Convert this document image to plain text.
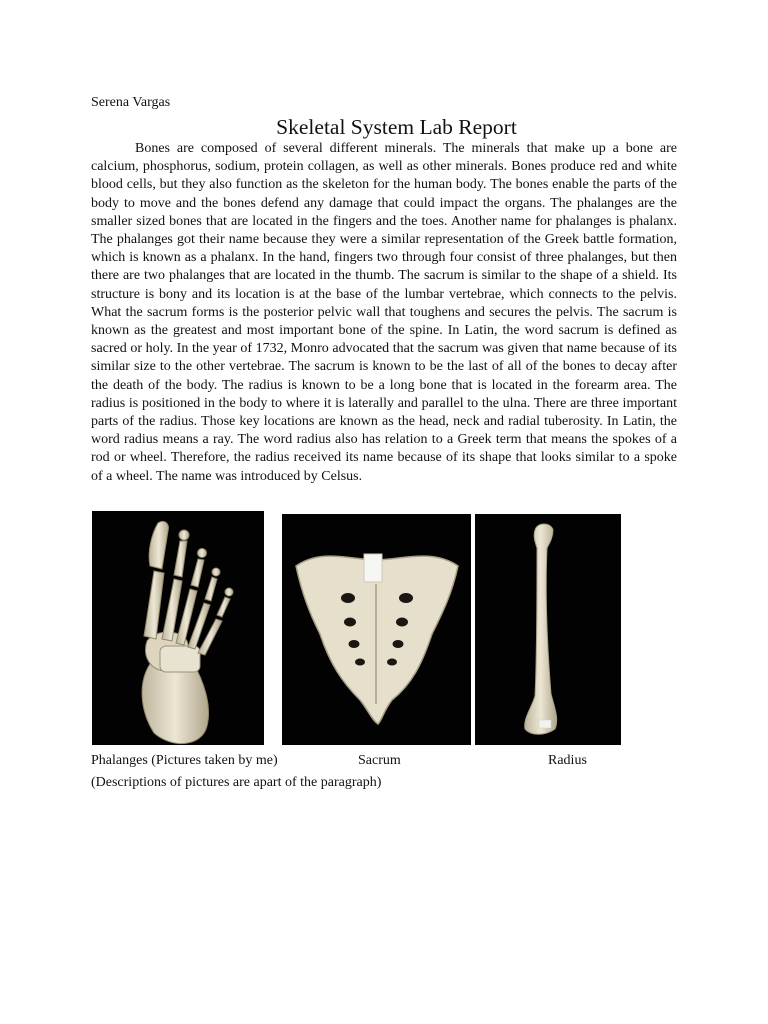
Serena Vargas
Skeletal System Lab Report

Bones are composed of several different minerals. The minerals that make up a bone are calcium, phosphorus, sodium, protein collagen, as well as other minerals. Bones produce red and white blood cells, but they also function as the skeleton for the human body. The bones enable the parts of the body to move and the bones defend any damage that could impact the organs. The phalanges are the smaller sized bones that are located in the fingers and the toes. Another name for phalanges is phalanx. The phalanges got their name because they were a similar representation of the Greek battle formation, which is known as a phalanx. In the hand, fingers two through four consist of three phalanges, but then there are two phalanges that are located in the thumb. The sacrum is similar to the shape of a shield. Its structure is bony and its location is at the base of the lumbar vertebrae, which connects to the pelvis. What the sacrum forms is the posterior pelvic wall that toughens and secures the pelvis. The sacrum is known as the greatest and most important bone of the spine. In Latin, the word sacrum is defined as sacred or holy. In the year of 1732, Monro advocated that the sacrum was given that name because of its similar size to the other vertebrae. The sacrum is known to be the last of all of the bones to decay after the death of the body. The radius is known to be a long bone that is located in the forearm area. The radius is positioned in the body to where it is laterally and parallel to the ulna. There are three important parts of the radius. Those key locations are known as the head, neck and radial tuberosity. In Latin, the word radius means a ray. The word radius also has relation to a Greek term that means the spokes of a rod or wheel. Therefore, the radius received its name because of its shape that looks similar to a spoke of a wheel. The name was introduced by Celsus.

Phalanges (Pictures taken by me)	Sacrum	Radius
(Descriptions of pictures are apart of the paragraph)
